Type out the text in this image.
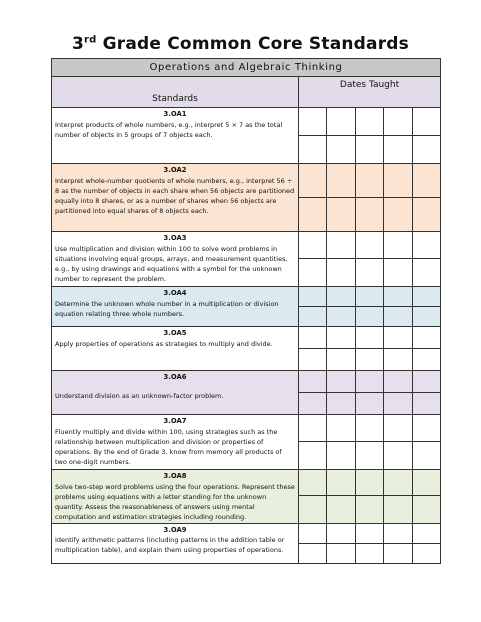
3rd Grade Common Core Standards
Operations and Algebraic Thinking					
Standards	Dates Taught				

3.OA1
Interpret products of whole numbers, e.g., interpret 5 × 7 as the total number of objects in 5 groups of 7 objects each.					

3.OA2
Interpret whole-number quotients of whole numbers, e.g., interpret 56 ÷ 8 as the number of objects in each share when 56 objects are partitioned equally into 8 shares, or as a number of shares when 56 objects are partitioned into equal shares of 8 objects each.					

3.OA3
Use multiplication and division within 100 to solve word problems in situations involving equal groups, arrays, and measurement quantities, e.g., by using drawings and equations with a symbol for the unknown number to represent the problem.					

3.OA4
Determine the unknown whole number in a multiplication or division equation relating three whole numbers.					

3.OA5
Apply properties of operations as strategies to multiply and divide.					

3.OA6
Understand division as an unknown-factor problem.					

3.OA7
Fluently multiply and divide within 100, using strategies such as the relationship between multiplication and division or properties of operations. By the end of Grade 3, know from memory all products of two one-digit numbers.					

3.OA8
Solve two-step word problems using the four operations. Represent these problems using equations with a letter standing for the unknown quantity. Assess the reasonableness of answers using mental computation and estimation strategies including rounding.					

3.OA9
Identify arithmetic patterns (including patterns in the addition table or multiplication table), and explain them using properties of operations.					
